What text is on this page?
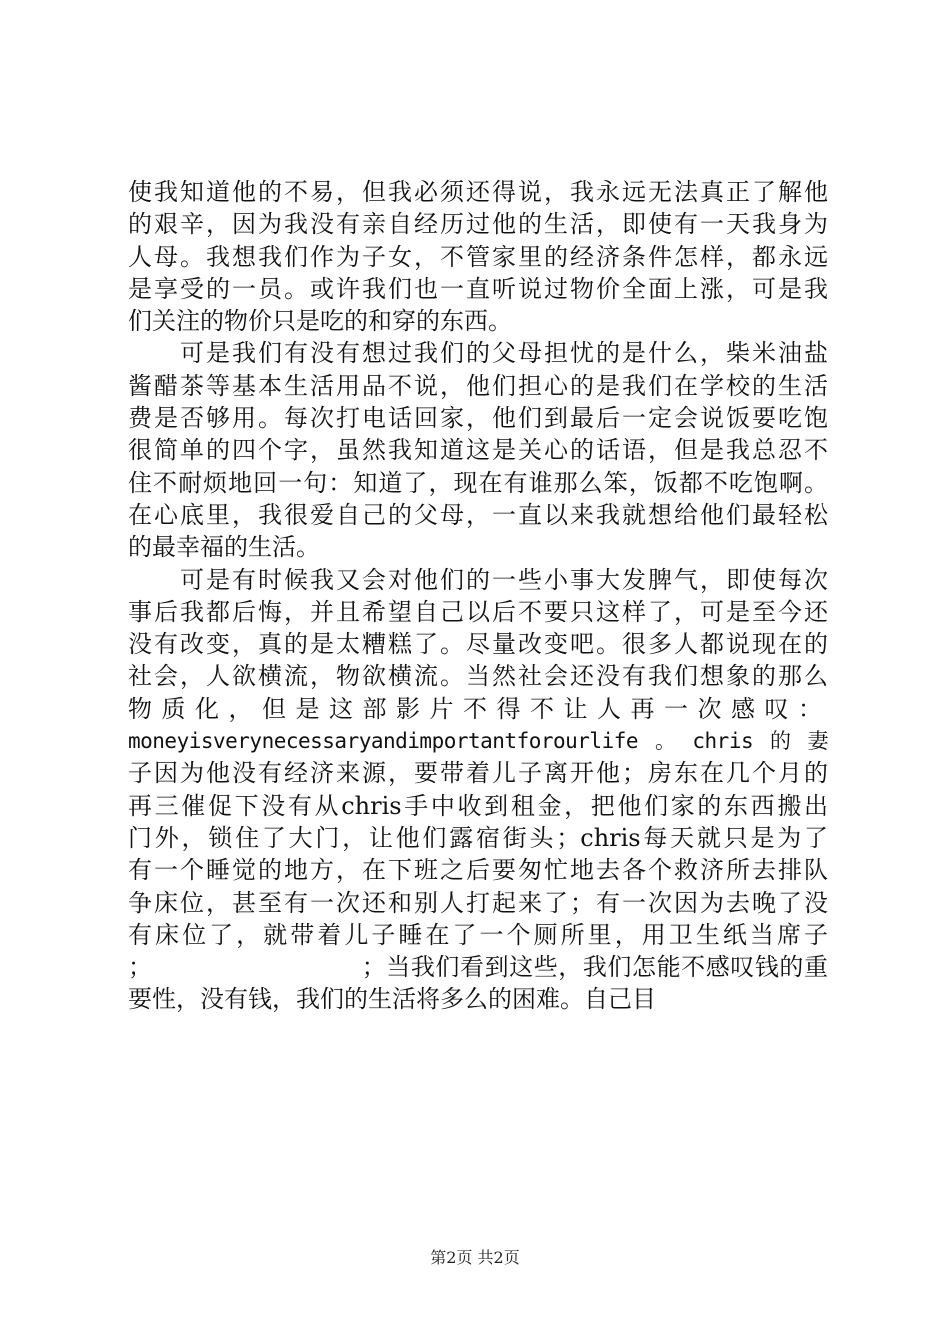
使我知道他的不易，但我必须还得说，我永远无法真正了解他
的艰辛，因为我没有亲自经历过他的生活，即使有一天我身为
人母。我想我们作为子女，不管家里的经济条件怎样，都永远
是享受的一员。或许我们也一直听说过物价全面上涨，可是我
们关注的物价只是吃的和穿的东西。
　　可是我们有没有想过我们的父母担忧的是什么，柴米油盐
酱醋茶等基本生活用品不说，他们担心的是我们在学校的生活
费是否够用。每次打电话回家，他们到最后一定会说饭要吃饱
很简单的四个字，虽然我知道这是关心的话语，但是我总忍不
住不耐烦地回一句：知道了，现在有谁那么笨，饭都不吃饱啊。
在心底里，我很爱自己的父母，一直以来我就想给他们最轻松
的最幸福的生活。
　　可是有时候我又会对他们的一些小事大发脾气，即使每次
事后我都后悔，并且希望自己以后不要只这样了，可是至今还
没有改变，真的是太糟糕了。尽量改变吧。很多人都说现在的
社会，人欲横流，物欲横流。当然社会还没有我们想象的那么
物质化，但是这部影片不得不让人再一次感叹：
moneyisverynecessaryandimportantforourlife。chris的妻
子因为他没有经济来源，要带着儿子离开他；房东在几个月的
再三催促下没有从chris手中收到租金，把他们家的东西搬出
门外，锁住了大门，让他们露宿街头；chris每天就只是为了
有一个睡觉的地方，在下班之后要匆忙地去各个救济所去排队
争床位，甚至有一次还和别人打起来了；有一次因为去晚了没
有床位了，就带着儿子睡在了一个厕所里，用卫生纸当席子
；　　　　　　　　　；当我们看到这些，我们怎能不感叹钱的重
要性，没有钱，我们的生活将多么的困难。自己目
第2页 共2页
